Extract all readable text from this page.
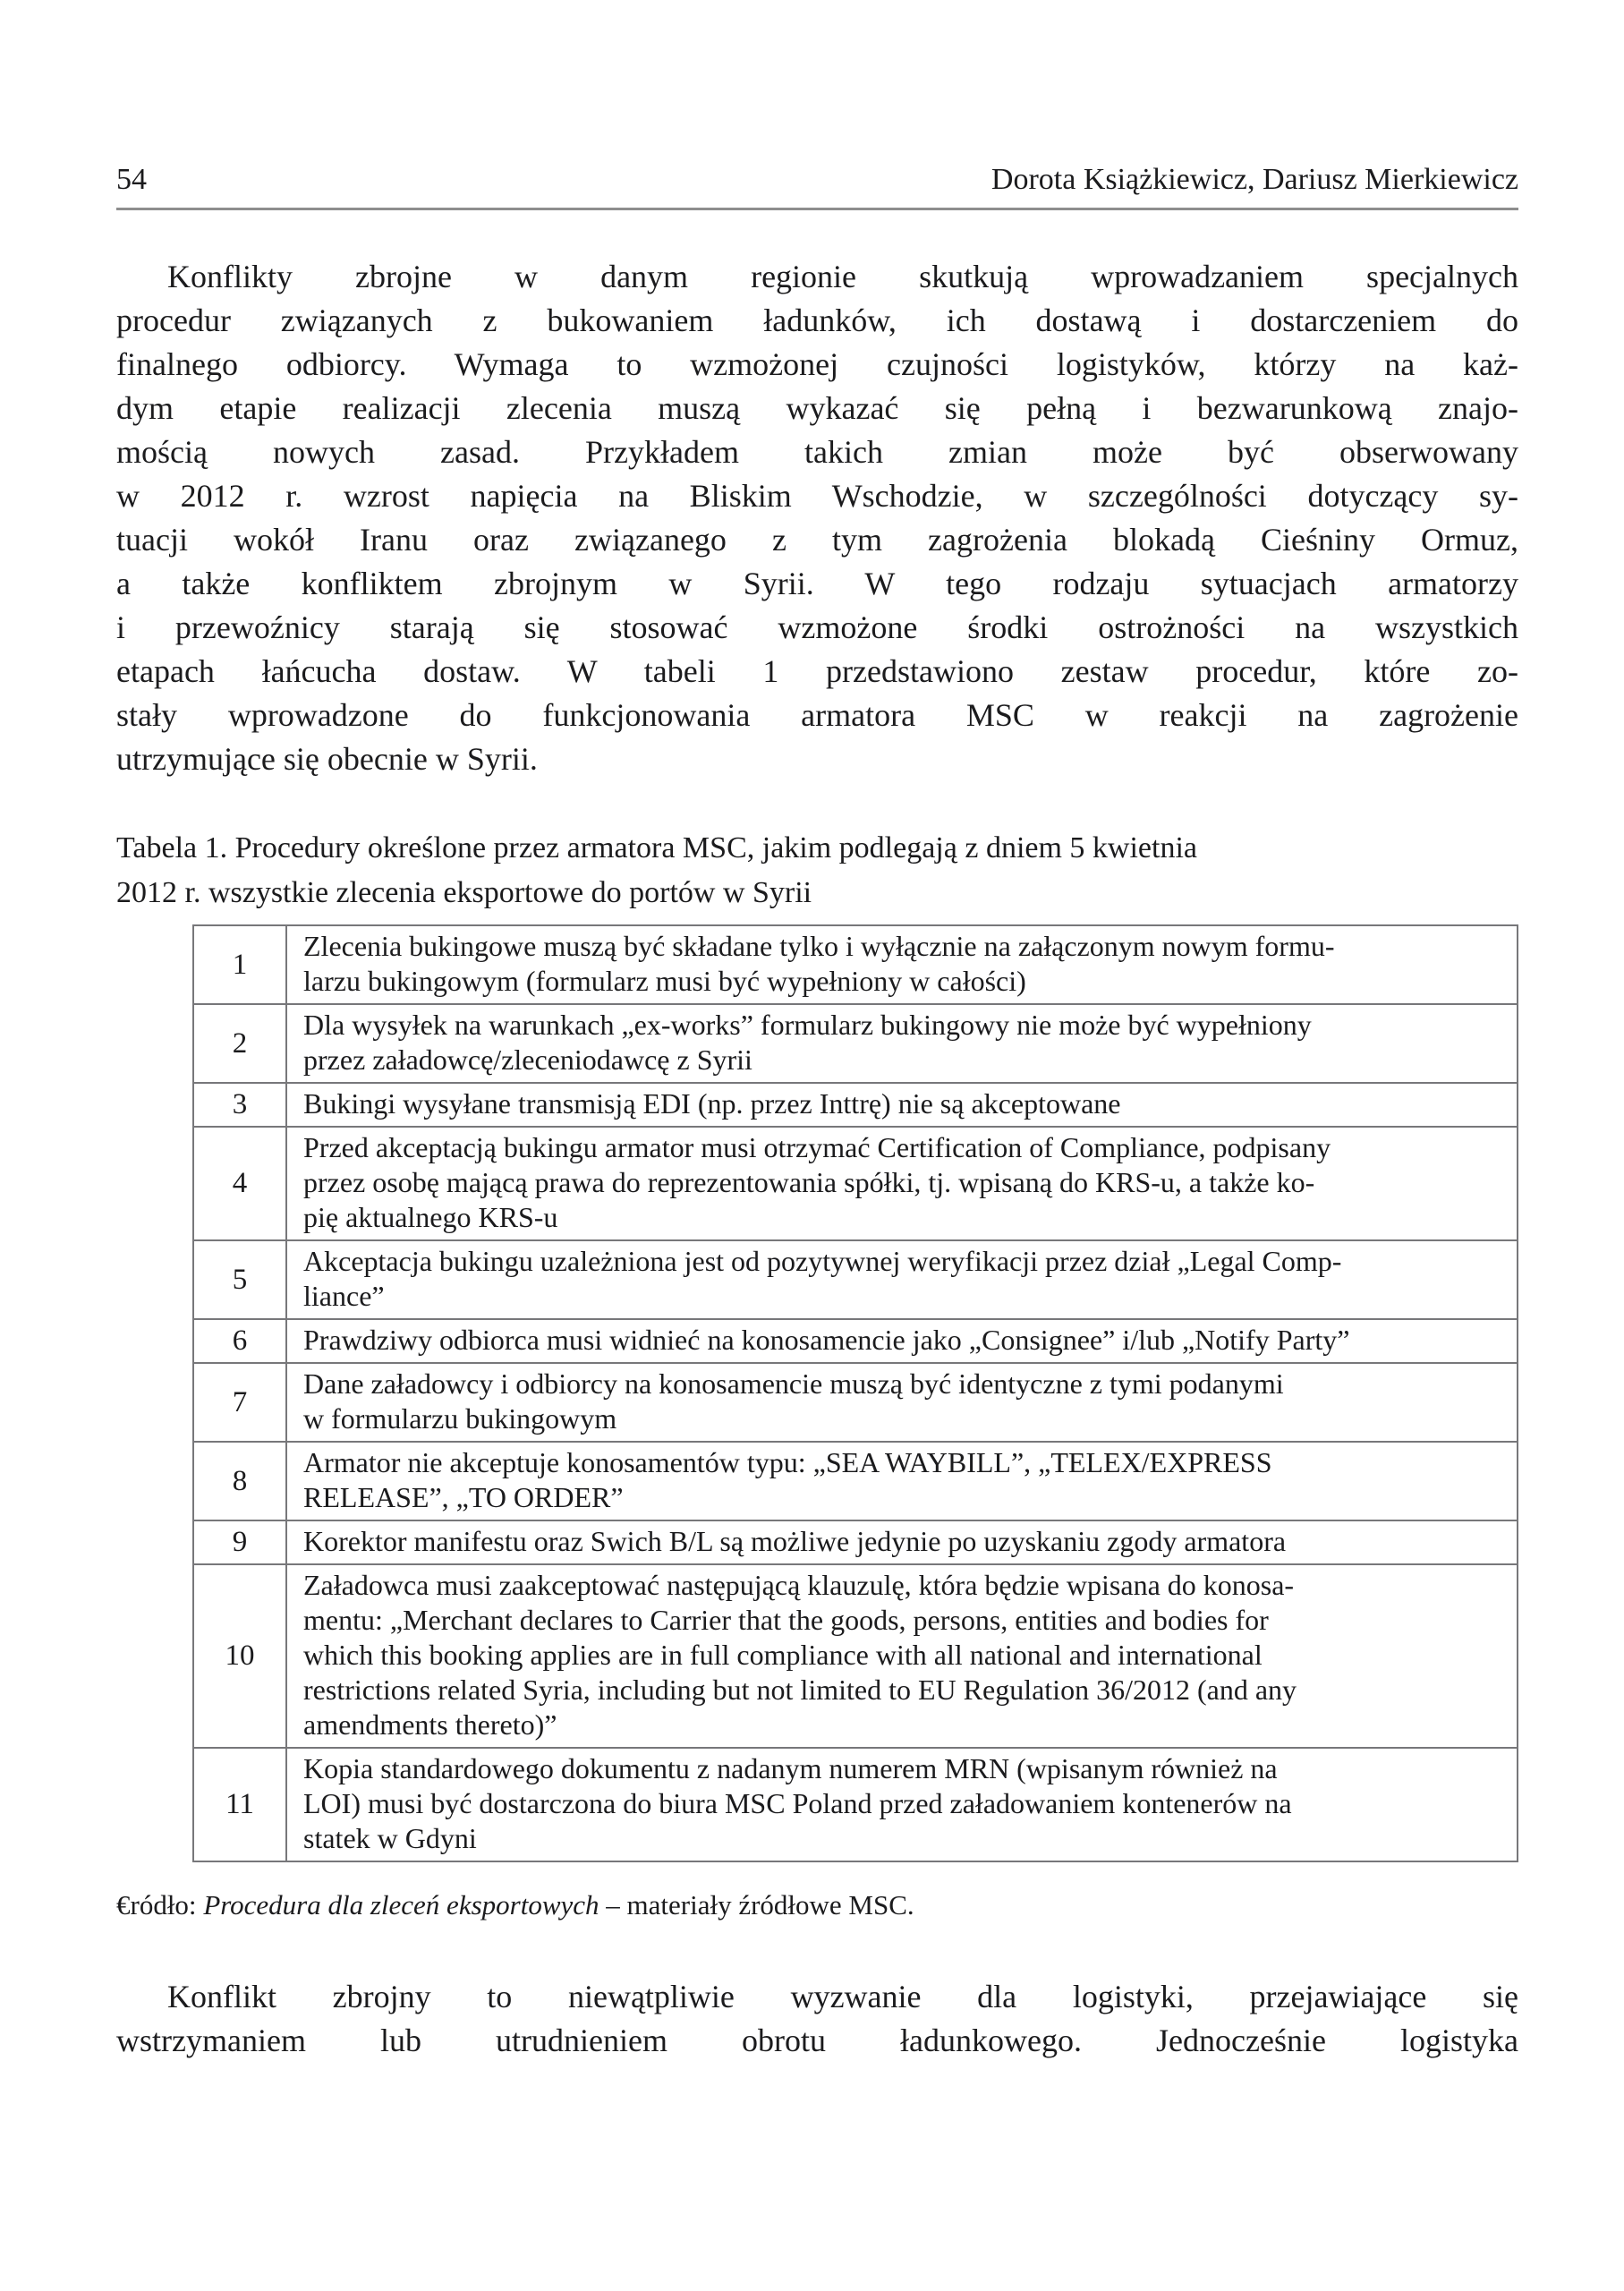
54	Dorota Książkiewicz, Dariusz Mierkiewicz
Konflikty zbrojne w danym regionie skutkują wprowadzaniem specjalnych
procedur związanych z bukowaniem ładunków, ich dostawą i dostarczeniem do
finalnego odbiorcy. Wymaga to wzmożonej czujności logistyków, którzy na każ-
dym etapie realizacji zlecenia muszą wykazać się pełną i bezwarunkową znajo-
mością nowych zasad. Przykładem takich zmian może być obserwowany
w 2012 r. wzrost napięcia na Bliskim Wschodzie, w szczególności dotyczący sy-
tuacji wokół Iranu oraz związanego z tym zagrożenia blokadą Cieśniny Ormuz,
a także konfliktem zbrojnym w Syrii. W tego rodzaju sytuacjach armatorzy
i przewoźnicy starają się stosować wzmożone środki ostrożności na wszystkich
etapach łańcucha dostaw. W tabeli 1 przedstawiono zestaw procedur, które zo-
stały wprowadzone do funkcjonowania armatora MSC w reakcji na zagrożenie
utrzymujące się obecnie w Syrii.
Tabela 1. Procedury określone przez armatora MSC, jakim podlegają z dniem 5 kwietnia
2012 r. wszystkie zlecenia eksportowe do portów w Syrii
1	Zlecenia bukingowe muszą być składane tylko i wyłącznie na załączonym nowym formu-
larzu bukingowym (formularz musi być wypełniony w całości)

2	Dla wysyłek na warunkach „ex-works” formularz bukingowy nie może być wypełniony
przez załadowcę/zleceniodawcę z Syrii

3	Bukingi wysyłane transmisją EDI (np. przez Inttrę) nie są akceptowane

4	Przed akceptacją bukingu armator musi otrzymać Certification of Compliance, podpisany
przez osobę mającą prawa do reprezentowania spółki, tj. wpisaną do KRS-u, a także ko-
pię aktualnego KRS-u

5	Akceptacja bukingu uzależniona jest od pozytywnej weryfikacji przez dział „Legal Comp-
liance”

6	Prawdziwy odbiorca musi widnieć na konosamencie jako „Consignee” i/lub „Notify Party”

7	Dane załadowcy i odbiorcy na konosamencie muszą być identyczne z tymi podanymi
w formularzu bukingowym

8	Armator nie akceptuje konosamentów typu: „SEA WAYBILL”, „TELEX/EXPRESS
RELEASE”, „TO ORDER”

9	Korektor manifestu oraz Swich B/L są możliwe jedynie po uzyskaniu zgody armatora

10	Załadowca musi zaakceptować następującą klauzulę, która będzie wpisana do konosa-
mentu: „Merchant declares to Carrier that the goods, persons, entities and bodies for
which this booking applies are in full compliance with all national and international
restrictions related Syria, including but not limited to EU Regulation 36/2012 (and any
amendments thereto)”

11	Kopia standardowego dokumentu z nadanym numerem MRN (wpisanym również na
LOI) musi być dostarczona do biura MSC Poland przed załadowaniem kontenerów na
statek w Gdyni
€ródło: Procedura dla zleceń eksportowych – materiały źródłowe MSC.
Konflikt zbrojny to niewątpliwie wyzwanie dla logistyki, przejawiające się
wstrzymaniem lub utrudnieniem obrotu ładunkowego. Jednocześnie logistyka
